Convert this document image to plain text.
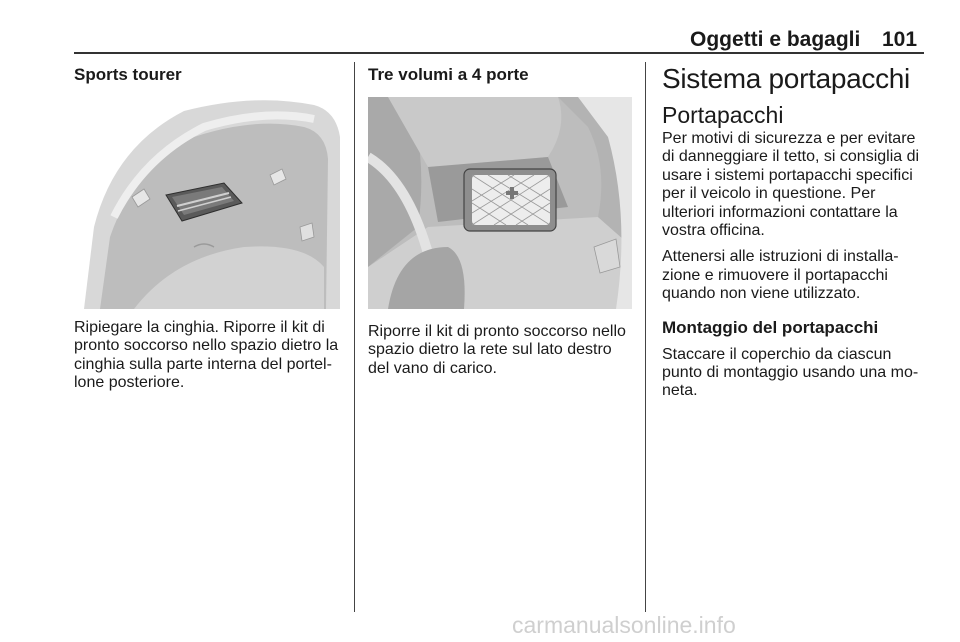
Oggetti e bagagli 101
Sports tourer

Ripiegare la cinghia. Riporre il kit di pronto soccorso nello spazio dietro la cinghia sulla parte interna del portellone posteriore.

Tre volumi a 4 porte

Riporre il kit di pronto soccorso nello spazio dietro la rete sul lato destro del vano di carico.

Sistema portapacchi
Portapacchi

Per motivi di sicurezza e per evitare di danneggiare il tetto, si consiglia di usare i sistemi portapacchi specifici per il veicolo in questione. Per ulteriori informazioni contattare la vostra officina.

Attenersi alle istruzioni di installazione e rimuovere il portapacchi quando non viene utilizzato.

Montaggio del portapacchi

Staccare il coperchio da ciascun punto di montaggio usando una moneta.

carmanualsonline.info
